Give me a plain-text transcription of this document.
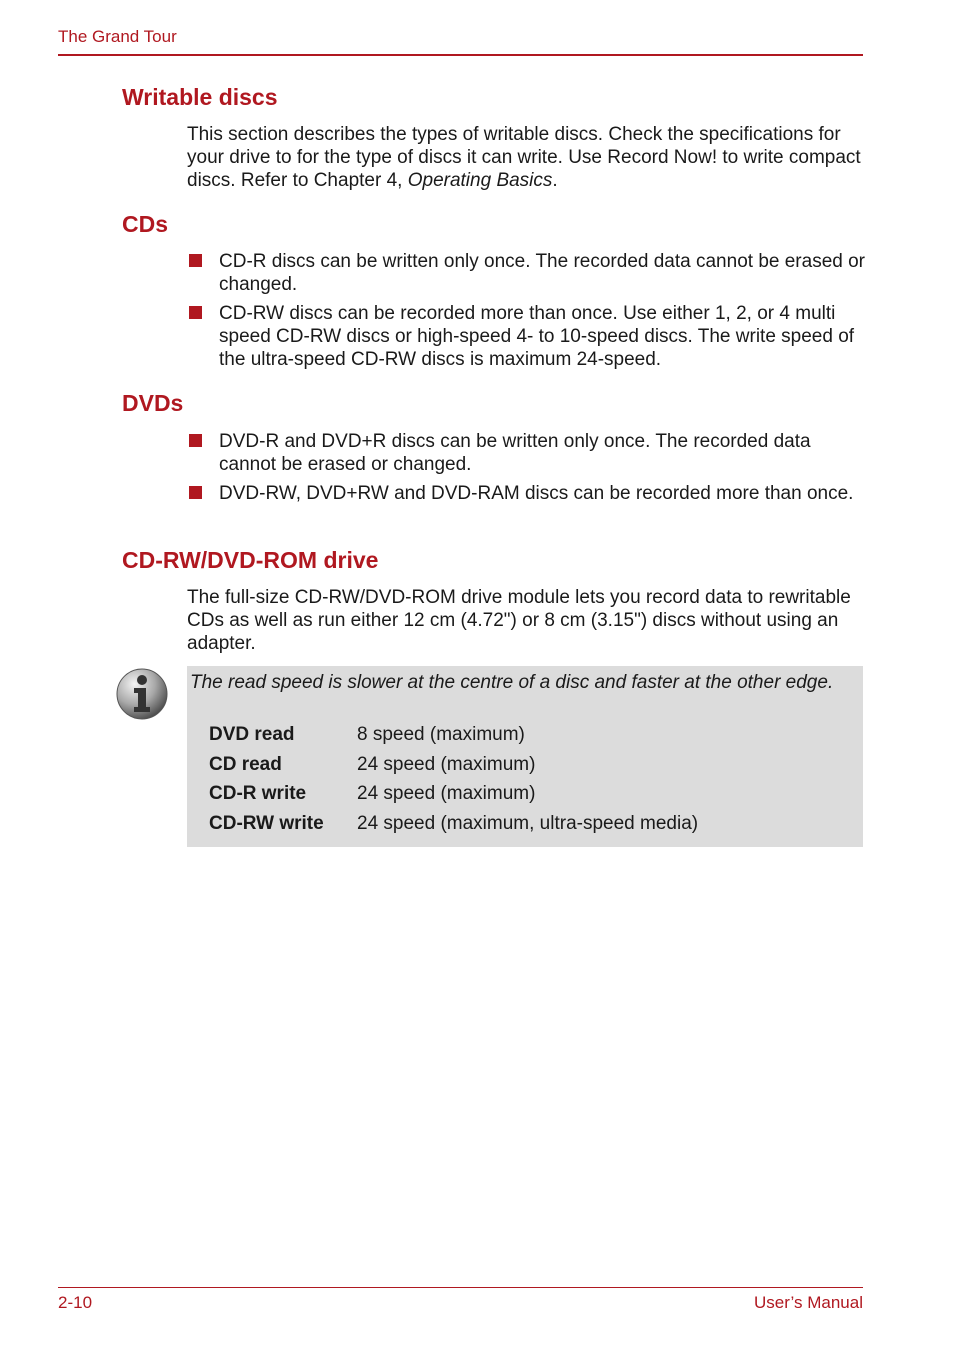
The Grand Tour
Writable discs

This section describes the types of writable discs. Check the specifications for your drive to for the type of discs it can write. Use Record Now! to write compact discs. Refer to Chapter 4, Operating Basics.

CDs
CD-R discs can be written only once. The recorded data cannot be erased or changed.
CD-RW discs can be recorded more than once. Use either 1, 2, or 4 multi speed CD-RW discs or high-speed 4- to 10-speed discs. The write speed of the ultra-speed CD-RW discs is maximum 24-speed.
DVDs
DVD-R and DVD+R discs can be written only once. The recorded data cannot be erased or changed.
DVD-RW, DVD+RW and DVD-RAM discs can be recorded more than once.
CD-RW/DVD-ROM drive

The full-size CD-RW/DVD-ROM drive module lets you record data to rewritable CDs as well as run either 12 cm (4.72") or 8 cm (3.15") discs without using an adapter.

The read speed is slower at the centre of a disc and faster at the other edge.

DVD read	8 speed (maximum)
CD read	24 speed (maximum)
CD-R write	24 speed (maximum)
CD-RW write 24 speed (maximum, ultra-speed media)
2-10	User’s Manual
